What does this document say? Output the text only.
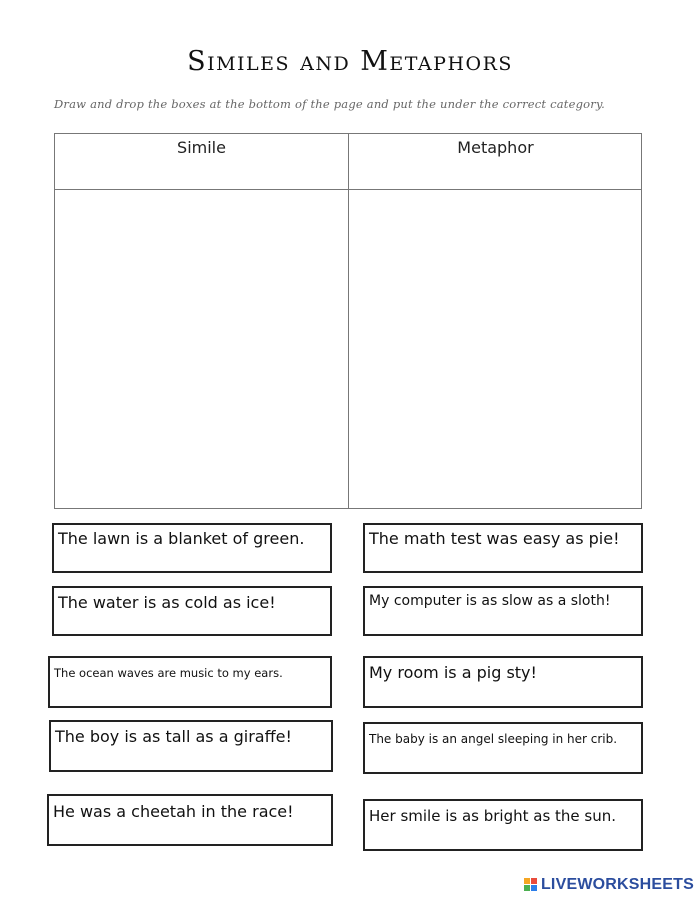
Similes and Metaphors
Draw and drop the boxes at the bottom of the page and put the under the correct category.
Simile	Metaphor
The lawn is a blanket of green.	The math test was easy as pie!
The water is as cold as ice!	My computer is as slow as a sloth!
The ocean waves are music to my ears.	My room is a pig sty!
The boy is as tall as a giraffe!	The baby is an angel sleeping in her crib.
He was a cheetah in the race!	Her smile is as bright as the sun.
LIVEWORKSHEETS
